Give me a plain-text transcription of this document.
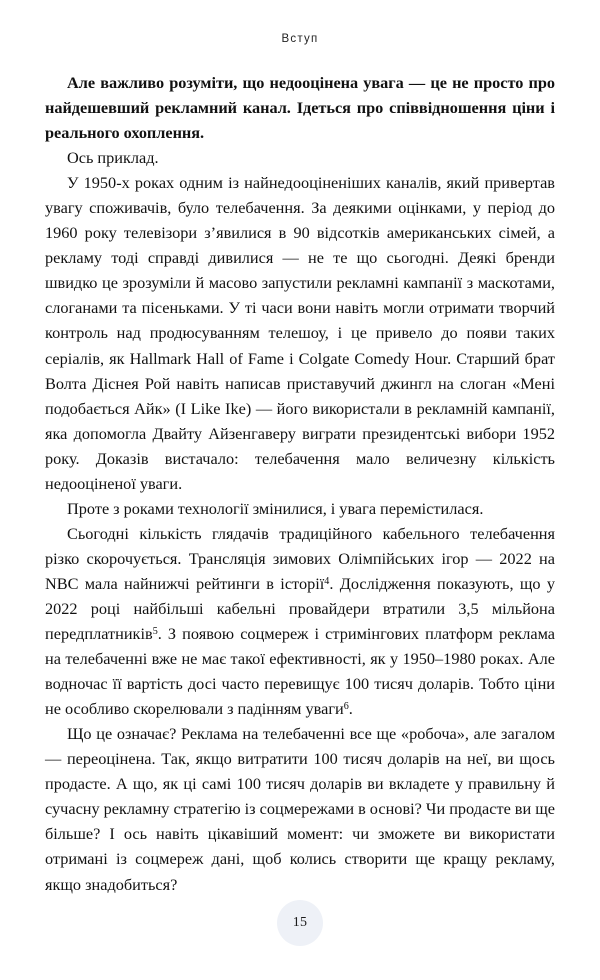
Вступ

Але важливо розуміти, що недооцінена увага — це не просто про найдешевший рекламний канал. Ідеться про співвідношення ціни і реального охоплення.

Ось приклад.

У 1950-х роках одним із найнедооціненіших каналів, який привертав увагу споживачів, було телебачення. За деякими оцінками, у період до 1960 року телевізори з’явилися в 90 відсотків американських сімей, а рекламу тоді справді дивилися — не те що сьогодні. Деякі бренди швидко це зрозуміли й масово запустили рекламні кампанії з маскотами, слоганами та пісеньками. У ті часи вони навіть могли отримати творчий контроль над продюсуванням телешоу, і це привело до появи таких серіалів, як Hallmark Hall of Fame і Colgate Comedy Hour. Старший брат Волта Діснея Рой навіть написав приставучий джингл на слоган «Мені подобається Айк» (I Like Ike) — його використали в рекламній кампанії, яка допомогла Двайту Айзенгаверу виграти президентські вибори 1952 року. Доказів вистачало: телебачення мало величезну кількість недооціненої уваги.

Проте з роками технології змінилися, і увага перемістилася.

Сьогодні кількість глядачів традиційного кабельного телебачення різко скорочується. Трансляція зимових Олімпійських ігор — 2022 на NBC мала найнижчі рейтинги в історії$^4$. Дослідження показують, що у 2022 році найбільші кабельні провайдери втратили 3,5 мільйона передплатників$^5$. З появою соцмереж і стримінгових платформ реклама на телебаченні вже не має такої ефективності, як у 1950–1980 роках. Але водночас її вартість досі часто перевищує 100 тисяч доларів. Тобто ціни не особливо скорелювали з падінням уваги$^6$.

Що це означає? Реклама на телебаченні все ще «робоча», але загалом — переоцінена. Так, якщо витратити 100 тисяч доларів на неї, ви щось продасте. А що, як ці самі 100 тисяч доларів ви вкладете у правильну й сучасну рекламну стратегію із соцмережами в основі? Чи продасте ви ще більше? І ось навіть цікавіший момент: чи зможете ви використати отримані із соцмереж дані, щоб колись створити ще кращу рекламу, якщо знадобиться?

15
